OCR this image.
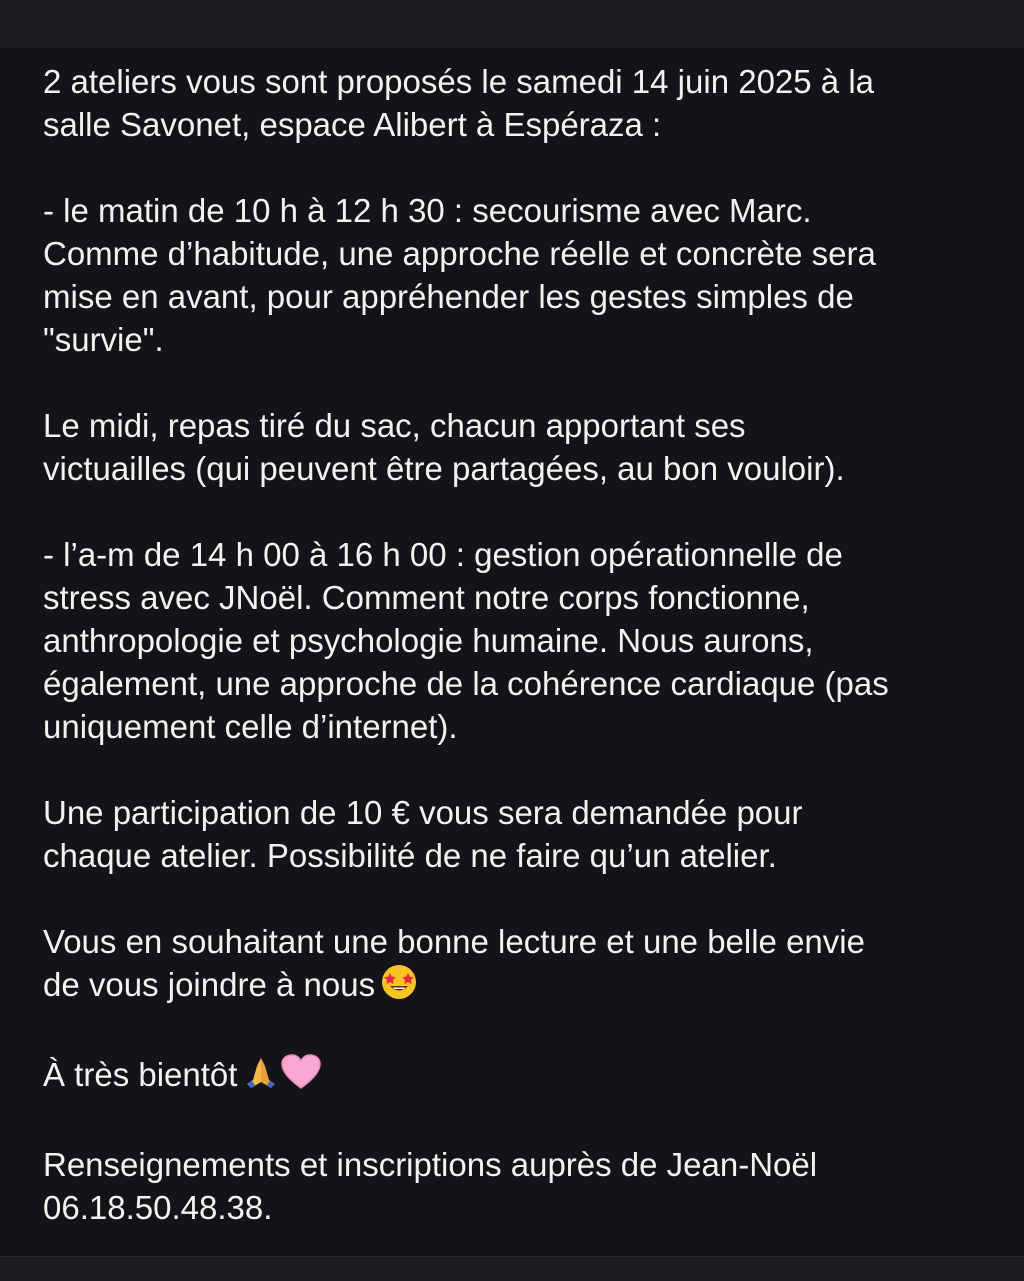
2 ateliers vous sont proposés le samedi 14 juin 2025 à la
salle Savonet, espace Alibert à Espéraza :
- le matin de 10 h à 12 h 30 : secourisme avec Marc.
Comme d’habitude, une approche réelle et concrète sera
mise en avant, pour appréhender les gestes simples de
"survie".
Le midi, repas tiré du sac, chacun apportant ses
victuailles (qui peuvent être partagées, au bon vouloir).
- l’a-m de 14 h 00 à 16 h 00 : gestion opérationnelle de
stress avec JNoël. Comment notre corps fonctionne,
anthropologie et psychologie humaine. Nous aurons,
également, une approche de la cohérence cardiaque (pas
uniquement celle d’internet).
Une participation de 10 € vous sera demandée pour
chaque atelier. Possibilité de ne faire qu’un atelier.
Vous en souhaitant une bonne lecture et une belle envie
de vous joindre à nous
À très bientôt
Renseignements et inscriptions auprès de Jean-Noël
06.18.50.48.38.
